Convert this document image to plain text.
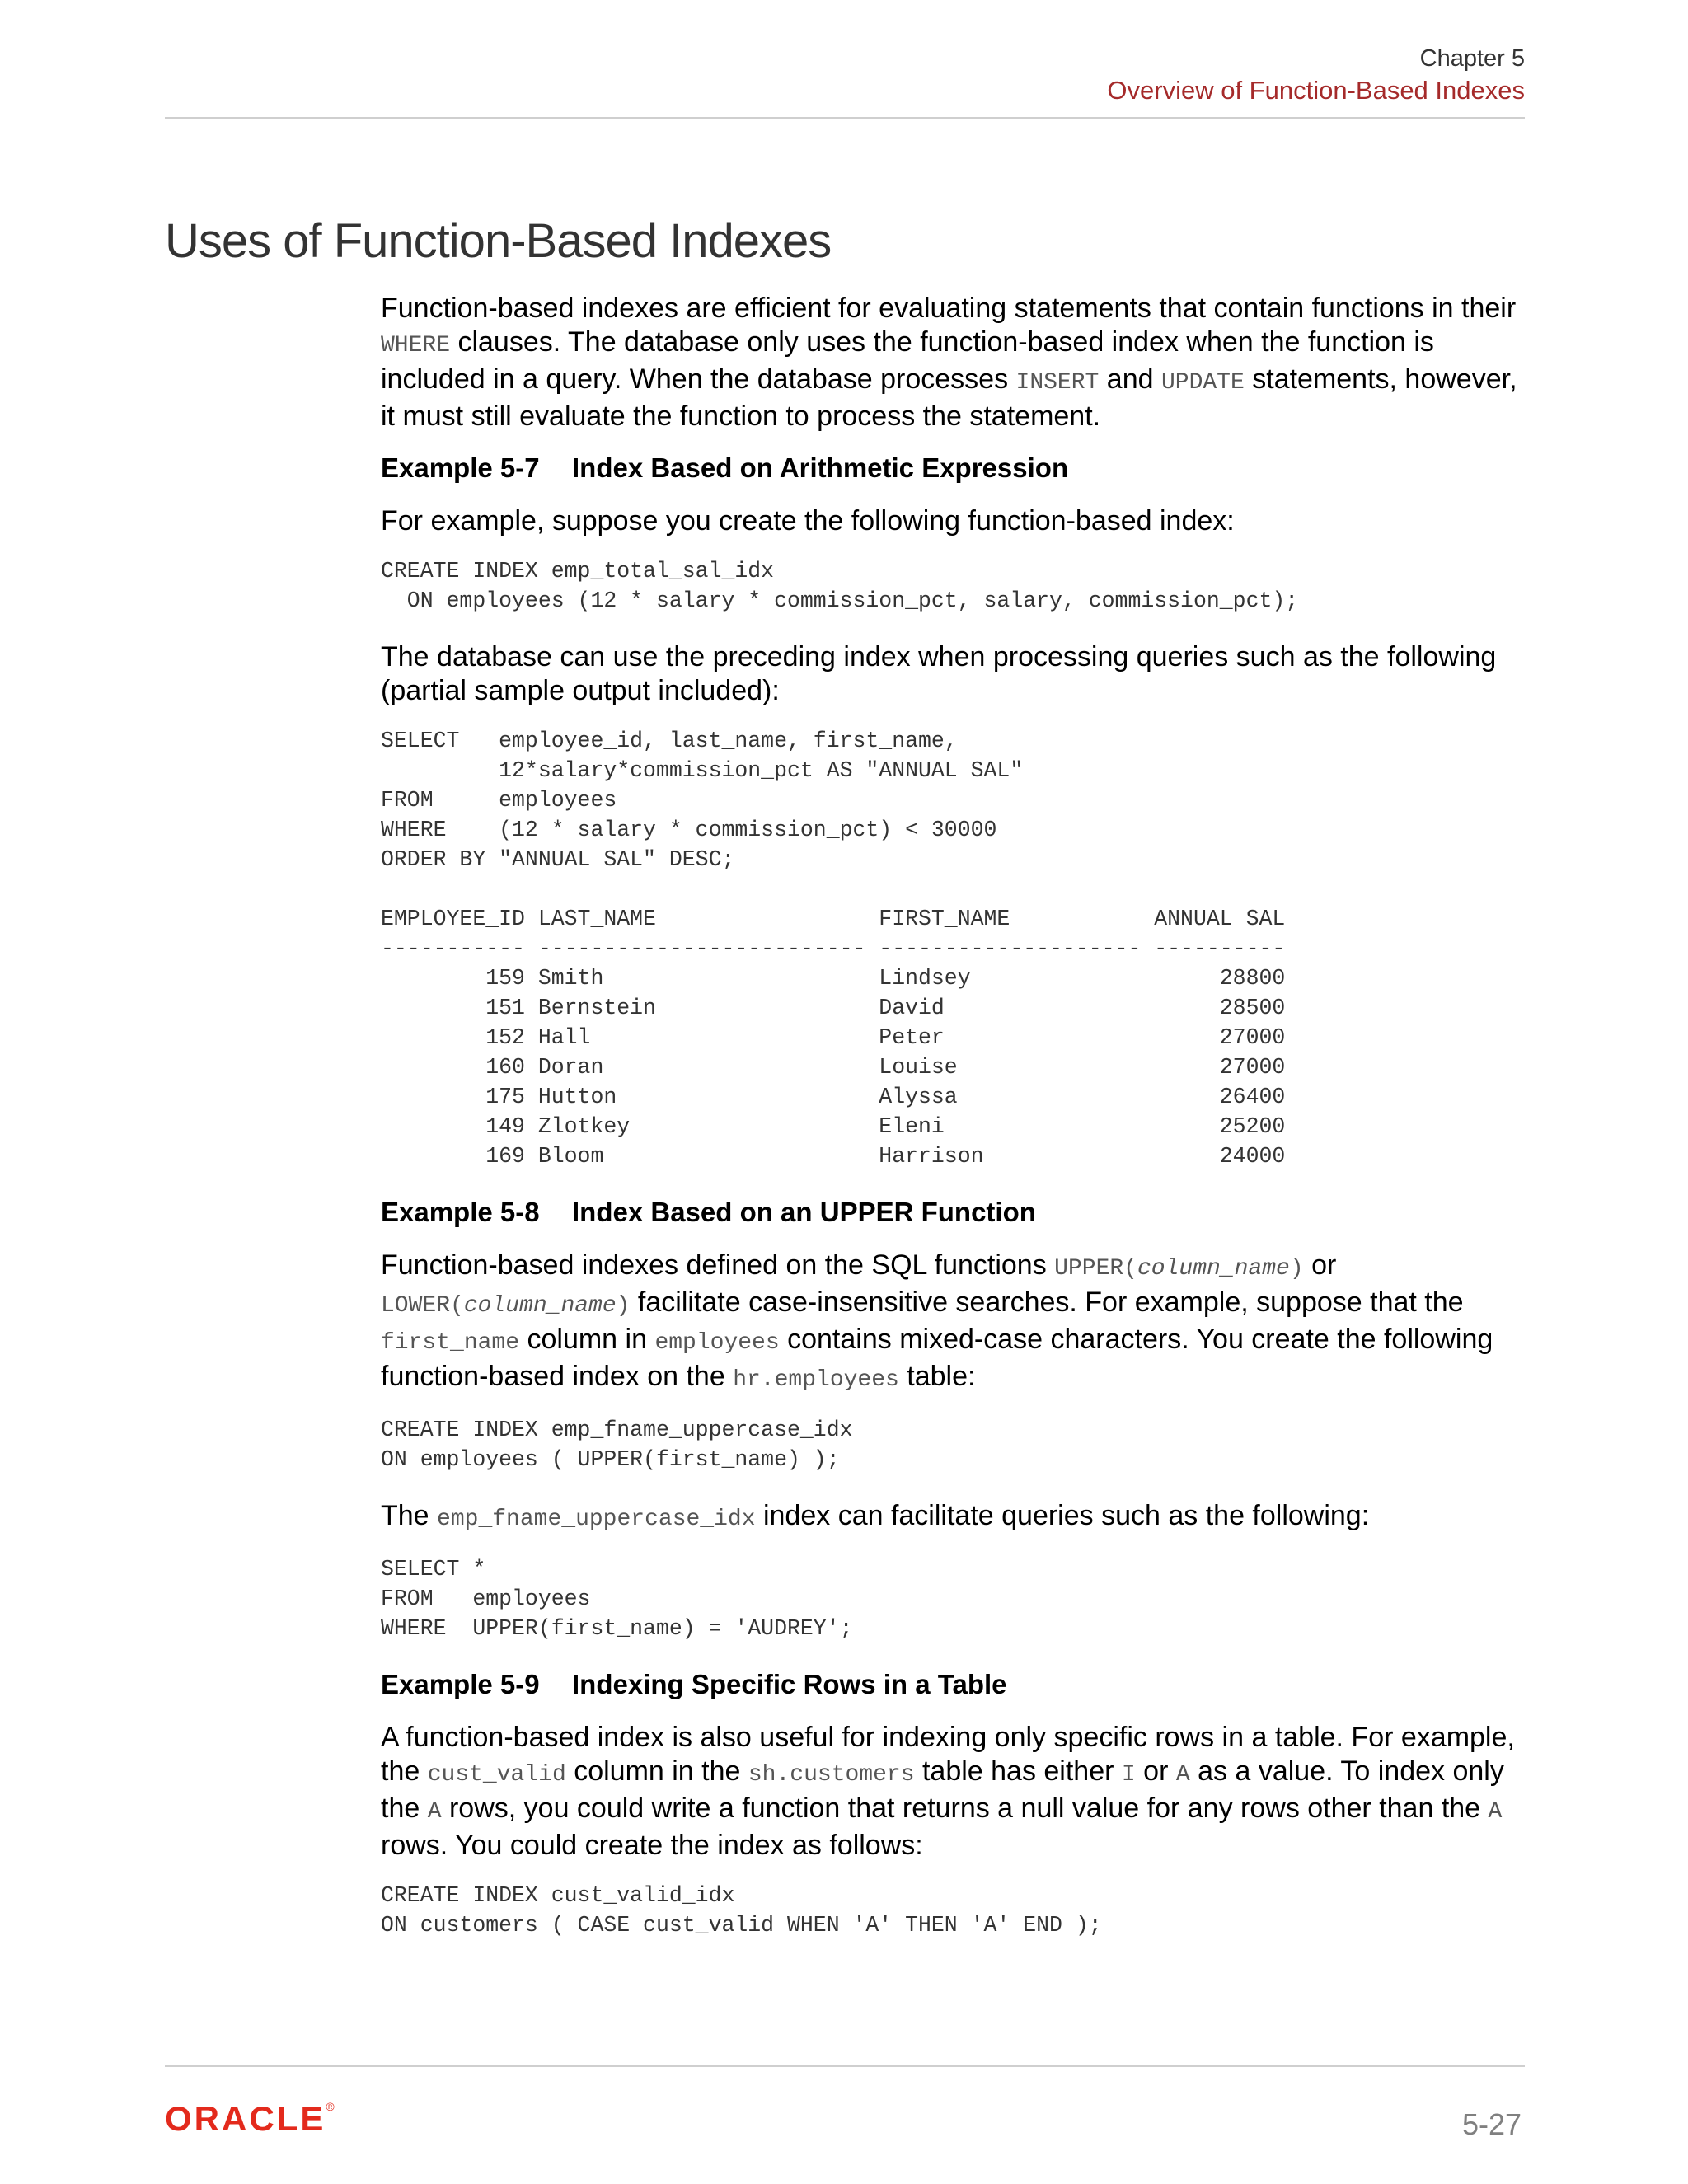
Chapter 5
Overview of Function-Based Indexes
Uses of Function-Based Indexes

Function-based indexes are efficient for evaluating statements that contain functions in their WHERE clauses. The database only uses the function-based index when the function is included in a query. When the database processes INSERT and UPDATE statements, however, it must still evaluate the function to process the statement.

Example 5-7 Index Based on Arithmetic Expression

For example, suppose you create the following function-based index:

CREATE INDEX emp_total_sal_idx
ON employees (12 * salary * commission_pct, salary, commission_pct);

The database can use the preceding index when processing queries such as the following (partial sample output included):

SELECT   employee_id, last_name, first_name,
12*salary*commission_pct AS "ANNUAL SAL"
FROM     employees
WHERE    (12 * salary * commission_pct) < 30000
ORDER BY "ANNUAL SAL" DESC;

EMPLOYEE_ID LAST_NAME                 FIRST_NAME           ANNUAL SAL
----------- ------------------------- -------------------- ----------
159 Smith                     Lindsey                   28800
151 Bernstein                 David                     28500
152 Hall                      Peter                     27000
160 Doran                     Louise                    27000
175 Hutton                    Alyssa                    26400
149 Zlotkey                   Eleni                     25200
169 Bloom                     Harrison                  24000
Example 5-8 Index Based on an UPPER Function

Function-based indexes defined on the SQL functions UPPER(column_name) or LOWER(column_name) facilitate case-insensitive searches. For example, suppose that the first_name column in employees contains mixed-case characters. You create the following function-based index on the hr.employees table:

CREATE INDEX emp_fname_uppercase_idx
ON employees ( UPPER(first_name) );

The emp_fname_uppercase_idx index can facilitate queries such as the following:

SELECT *
FROM   employees
WHERE  UPPER(first_name) = 'AUDREY';
Example 5-9 Indexing Specific Rows in a Table

A function-based index is also useful for indexing only specific rows in a table. For example, the cust_valid column in the sh.customers table has either I or A as a value. To index only the A rows, you could write a function that returns a null value for any rows other than the A rows. You could create the index as follows:

CREATE INDEX cust_valid_idx
ON customers ( CASE cust_valid WHEN 'A' THEN 'A' END );
ORACLE®
5-27
